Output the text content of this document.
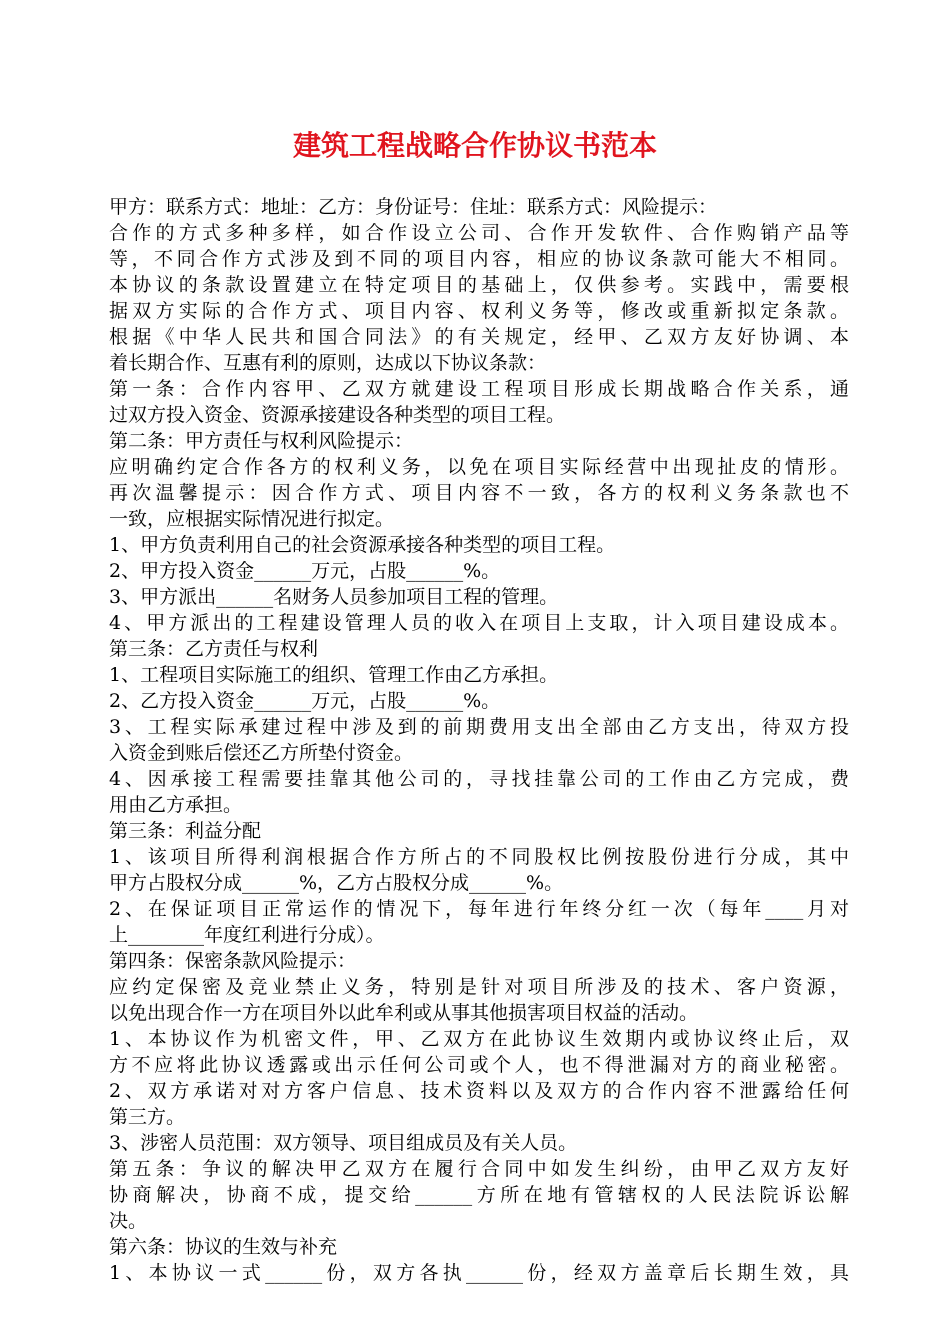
建筑工程战略合作协议书范本
甲方：联系方式：地址：乙方：身份证号：住址：联系方式：风险提示：
合作的方式多种多样，如合作设立公司、合作开发软件、合作购销产品等
等，不同合作方式涉及到不同的项目内容，相应的协议条款可能大不相同。
本协议的条款设置建立在特定项目的基础上，仅供参考。实践中，需要根
据双方实际的合作方式、项目内容、权利义务等，修改或重新拟定条款。
根据《中华人民共和国合同法》的有关规定，经甲、乙双方友好协调、本
着长期合作、互惠有利的原则，达成以下协议条款：
第一条：合作内容甲、乙双方就建设工程项目形成长期战略合作关系，通
过双方投入资金、资源承接建设各种类型的项目工程。
第二条：甲方责任与权利风险提示：
应明确约定合作各方的权利义务，以免在项目实际经营中出现扯皮的情形。
再次温馨提示：因合作方式、项目内容不一致，各方的权利义务条款也不
一致，应根据实际情况进行拟定。
1、甲方负责利用自己的社会资源承接各种类型的项目工程。
2、甲方投入资金______万元，占股______%。
3、甲方派出______名财务人员参加项目工程的管理。
4、甲方派出的工程建设管理人员的收入在项目上支取，计入项目建设成本。
第三条：乙方责任与权利
1、工程项目实际施工的组织、管理工作由乙方承担。
2、乙方投入资金______万元，占股______%。
3、工程实际承建过程中涉及到的前期费用支出全部由乙方支出，待双方投
入资金到账后偿还乙方所垫付资金。
4、因承接工程需要挂靠其他公司的，寻找挂靠公司的工作由乙方完成，费
用由乙方承担。
第三条：利益分配
1、该项目所得利润根据合作方所占的不同股权比例按股份进行分成，其中
甲方占股权分成______%，乙方占股权分成______%。
2、在保证项目正常运作的情况下，每年进行年终分红一次（每年____月对
上________年度红利进行分成）。
第四条：保密条款风险提示：
应约定保密及竞业禁止义务，特别是针对项目所涉及的技术、客户资源，
以免出现合作一方在项目外以此牟利或从事其他损害项目权益的活动。
1、本协议作为机密文件，甲、乙双方在此协议生效期内或协议终止后，双
方不应将此协议透露或出示任何公司或个人，也不得泄漏对方的商业秘密。
2、双方承诺对对方客户信息、技术资料以及双方的合作内容不泄露给任何
第三方。
3、涉密人员范围：双方领导、项目组成员及有关人员。
第五条：争议的解决甲乙双方在履行合同中如发生纠纷，由甲乙双方友好
协商解决，协商不成，提交给______方所在地有管辖权的人民法院诉讼解
决。
第六条：协议的生效与补充
1、本协议一式______份，双方各执______份，经双方盖章后长期生效，具
